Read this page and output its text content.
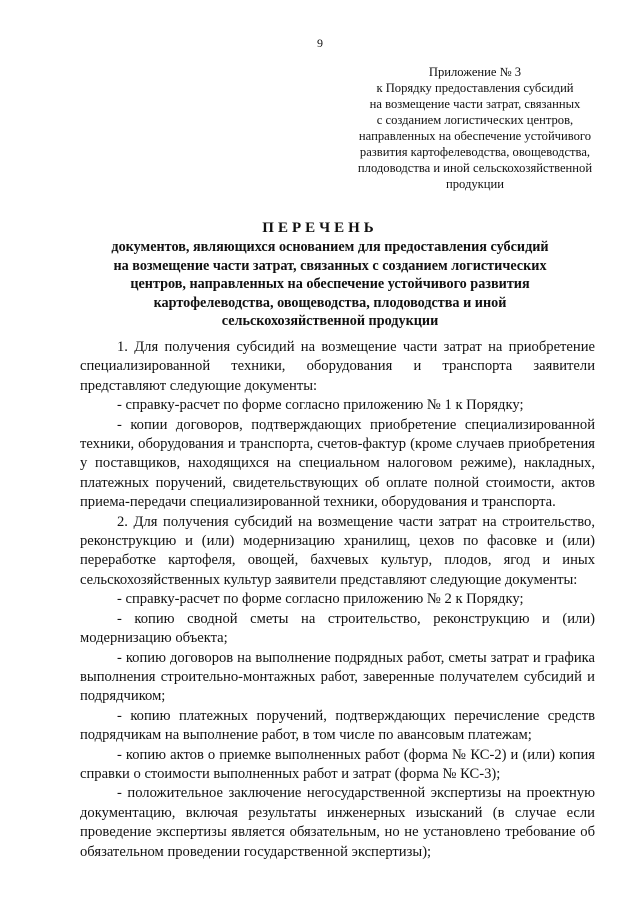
9
Приложение № 3
к Порядку предоставления субсидий
на возмещение части затрат, связанных
с созданием логистических центров,
направленных на обеспечение устойчивого
развития картофелеводства, овощеводства,
плодоводства и иной сельскохозяйственной
продукции
ПЕРЕЧЕНЬ
документов, являющихся основанием для предоставления субсидий
на возмещение части затрат, связанных с созданием логистических
центров, направленных на обеспечение устойчивого развития
картофелеводства, овощеводства, плодоводства и иной
сельскохозяйственной продукции

1. Для получения субсидий на возмещение части затрат на приобретение специализированной техники, оборудования и транспорта заявители представляют следующие документы:

- справку-расчет по форме согласно приложению № 1 к Порядку;

- копии договоров, подтверждающих приобретение специализированной техники, оборудования и транспорта, счетов-фактур (кроме случаев приобретения у поставщиков, находящихся на специальном налоговом режиме), накладных, платежных поручений, свидетельствующих об оплате полной стоимости, актов приема-передачи специализированной техники, оборудования и транспорта.

2. Для получения субсидий на возмещение части затрат на строительство, реконструкцию и (или) модернизацию хранилищ, цехов по фасовке и (или) переработке картофеля, овощей, бахчевых культур, плодов, ягод и иных сельскохозяйственных культур заявители представляют следующие документы:

- справку-расчет по форме согласно приложению № 2 к Порядку;

- копию сводной сметы на строительство, реконструкцию и (или) модернизацию объекта;

- копию договоров на выполнение подрядных работ, сметы затрат и графика выполнения строительно-монтажных работ, заверенные получателем субсидий и подрядчиком;

- копию платежных поручений, подтверждающих перечисление средств подрядчикам на выполнение работ, в том числе по авансовым платежам;

- копию актов о приемке выполненных работ (форма № КС-2) и (или) копия справки о стоимости выполненных работ и затрат (форма № КС-3);

- положительное заключение негосударственной экспертизы на проектную документацию, включая результаты инженерных изысканий (в случае если проведение экспертизы является обязательным, но не установлено требование об обязательном проведении государственной экспертизы);
